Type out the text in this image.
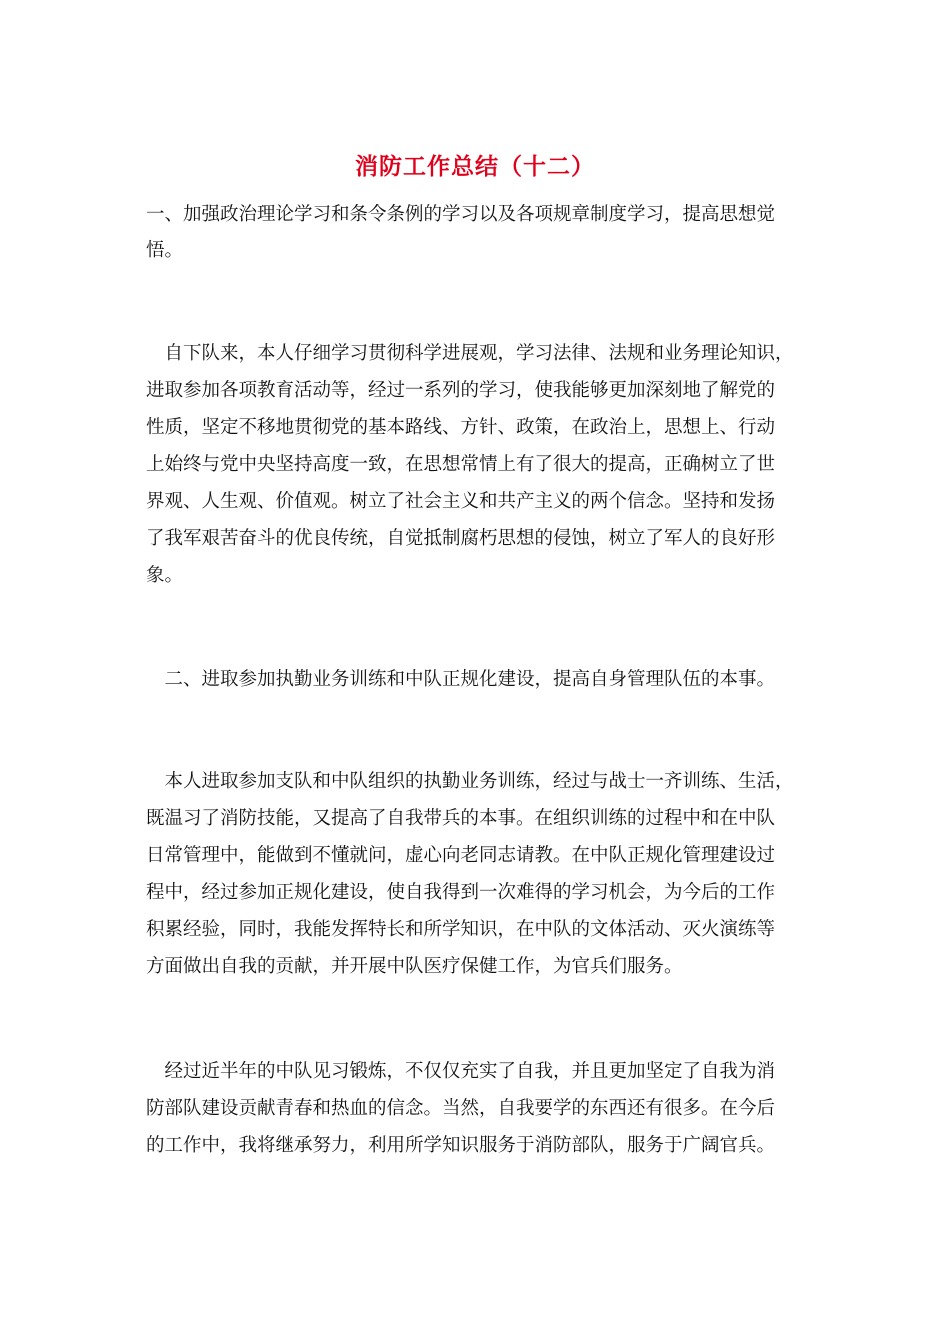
消防工作总结（十二）
一、加强政治理论学习和条令条例的学习以及各项规章制度学习，提高思想觉
悟。
　自下队来，本人仔细学习贯彻科学进展观，学习法律、法规和业务理论知识，
进取参加各项教育活动等，经过一系列的学习，使我能够更加深刻地了解党的
性质，坚定不移地贯彻党的基本路线、方针、政策，在政治上，思想上、行动
上始终与党中央坚持高度一致，在思想常情上有了很大的提高，正确树立了世
界观、人生观、价值观。树立了社会主义和共产主义的两个信念。坚持和发扬
了我军艰苦奋斗的优良传统，自觉抵制腐朽思想的侵蚀，树立了军人的良好形
象。
　二、进取参加执勤业务训练和中队正规化建设，提高自身管理队伍的本事。
　本人进取参加支队和中队组织的执勤业务训练，经过与战士一齐训练、生活，
既温习了消防技能，又提高了自我带兵的本事。在组织训练的过程中和在中队
日常管理中，能做到不懂就问，虚心向老同志请教。在中队正规化管理建设过
程中，经过参加正规化建设，使自我得到一次难得的学习机会，为今后的工作
积累经验，同时，我能发挥特长和所学知识，在中队的文体活动、灭火演练等
方面做出自我的贡献，并开展中队医疗保健工作，为官兵们服务。
　经过近半年的中队见习锻炼，不仅仅充实了自我，并且更加坚定了自我为消
防部队建设贡献青春和热血的信念。当然，自我要学的东西还有很多。在今后
的工作中，我将继承努力，利用所学知识服务于消防部队，服务于广阔官兵。
